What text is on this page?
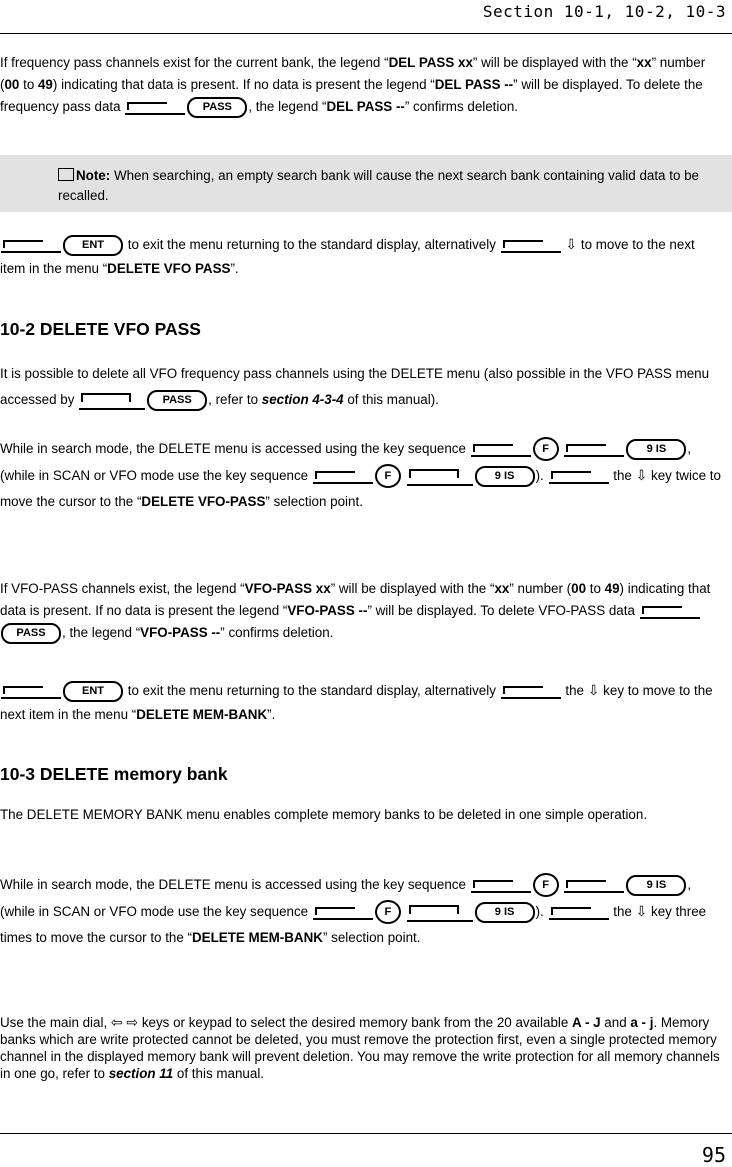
Section 10-1, 10-2, 10-3

If frequency pass channels exist for the current bank, the legend “DEL PASS xx” will be displayed with the “xx” number (00 to 49) indicating that data is present. If no data is present the legend “DEL PASS --” will be displayed. To delete the frequency pass data	PASS , the legend “DEL PASS --” confirms deletion.

Note: When searching, an empty search bank will cause the next search bank containing valid data to be recalled.

ENT to exit the menu returning to the standard display, alternatively	⇩ to move to the next item in the menu “DELETE VFO PASS”.

10-2 DELETE VFO PASS

It is possible to delete all VFO frequency pass channels using the DELETE menu (also possible in the VFO PASS menu accessed by	PASS , refer to section 4-3-4 of this manual).

While in search mode, the DELETE menu is accessed using the key sequence	F	9 IS , (while in SCAN or VFO mode use the key sequence	F	9 IS ).	the ⇩ key twice to move the cursor to the “DELETE VFO-PASS” selection point.

If VFO-PASS channels exist, the legend “VFO-PASS xx” will be displayed with the “xx” number (00 to 49) indicating that data is present. If no data is present the legend “VFO-PASS --” will be displayed. To delete VFO-PASS data PASS , the legend “VFO-PASS --” confirms deletion.

ENT to exit the menu returning to the standard display, alternatively	the ⇩ key to move to the next item in the menu “DELETE MEM-BANK”.

10-3 DELETE memory bank

The DELETE MEMORY BANK menu enables complete memory banks to be deleted in one simple operation.

While in search mode, the DELETE menu is accessed using the key sequence	F	9 IS , (while in SCAN or VFO mode use the key sequence	F	9 IS ).	the ⇩ key three times to move the cursor to the “DELETE MEM-BANK” selection point.

Use the main dial, ⇦ ⇨ keys or keypad to select the desired memory bank from the 20 available A - J and a - j. Memory banks which are write protected cannot be deleted, you must remove the protection first, even a single protected memory channel in the displayed memory bank will prevent deletion. You may remove the write protection for all memory channels in one go, refer to section 11 of this manual.

95
